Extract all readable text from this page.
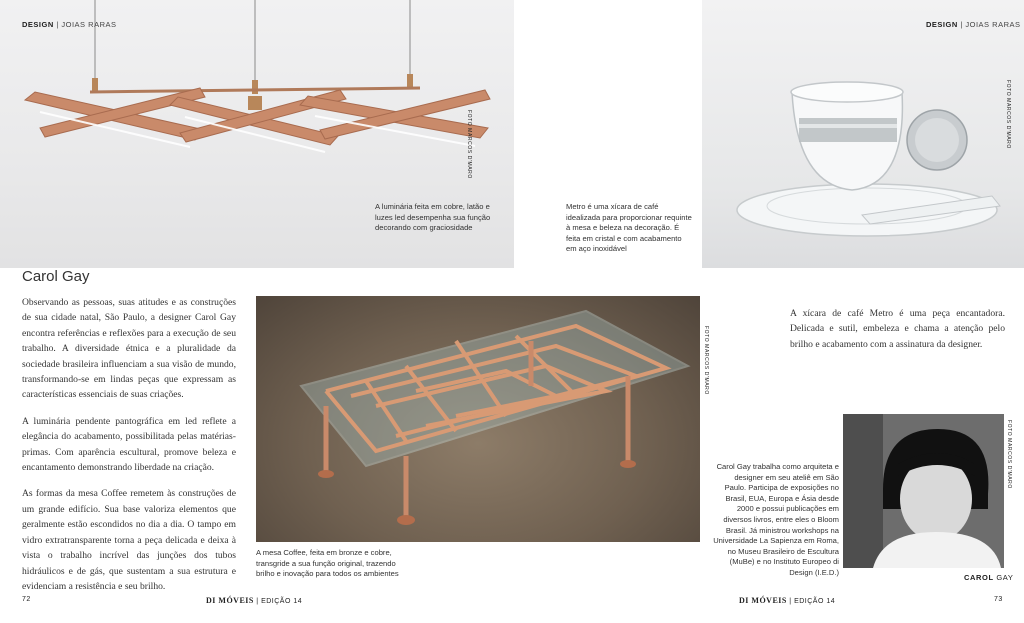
DESIGN | JOIAS RARAS
FOTO MARCOS D'MARO
A luminária feita em cobre, latão e luzes led desempenha sua função decorando com graciosidade
Carol Gay

Observando as pessoas, suas atitudes e as construções de sua cidade natal, São Paulo, a designer Carol Gay encontra referências e reflexões para a execução de seu trabalho. A diversidade étnica e a pluralidade da sociedade brasileira influenciam a sua visão de mundo, transformando-se em lindas peças que expressam as características essenciais de suas criações.

A luminária pendente pantográfica em led reflete a elegância do acabamento, possibilitada pelas matérias-primas. Com aparência escultural, promove beleza e encantamento demonstrando liberdade na criação.

As formas da mesa Coffee remetem às construções de um grande edifício. Sua base valoriza elementos que geralmente estão escondidos no dia a dia. O tampo em vidro extratransparente torna a peça delicada e deixa à vista o trabalho incrível das junções dos tubos hidráulicos e de gás, que sustentam a sua estrutura e evidenciam a resistência e seu brilho.

FOTO MARCOS D'MARO
A mesa Coffee, feita em bronze e cobre, transgride a sua função original, trazendo brilho e inovação para todos os ambientes
72	DI MÓVEIS | EDIÇÃO 14
DESIGN | JOIAS RARAS
FOTO MARCOS D'MARO
Metro é uma xícara de café idealizada para proporcionar requinte à mesa e beleza na decoração. É feita em cristal e com acabamento em aço inoxidável
A xícara de café Metro é uma peça encantadora. Delicada e sutil, embeleza e chama a atenção pelo brilho e acabamento com a assinatura da designer.
FOTO MARCOS D'MARO
Carol Gay trabalha como arquiteta e designer em seu ateliê em São Paulo. Participa de exposições no Brasil, EUA, Europa e Ásia desde 2000 e possui publicações em diversos livros, entre eles o Bloom Brasil. Já ministrou workshops na Universidade La Sapienza em Roma, no Museu Brasileiro de Escultura (MuBe) e no Instituto Europeo di Design (I.E.D.)
CAROL GAY
DI MÓVEIS | EDIÇÃO 14	73
